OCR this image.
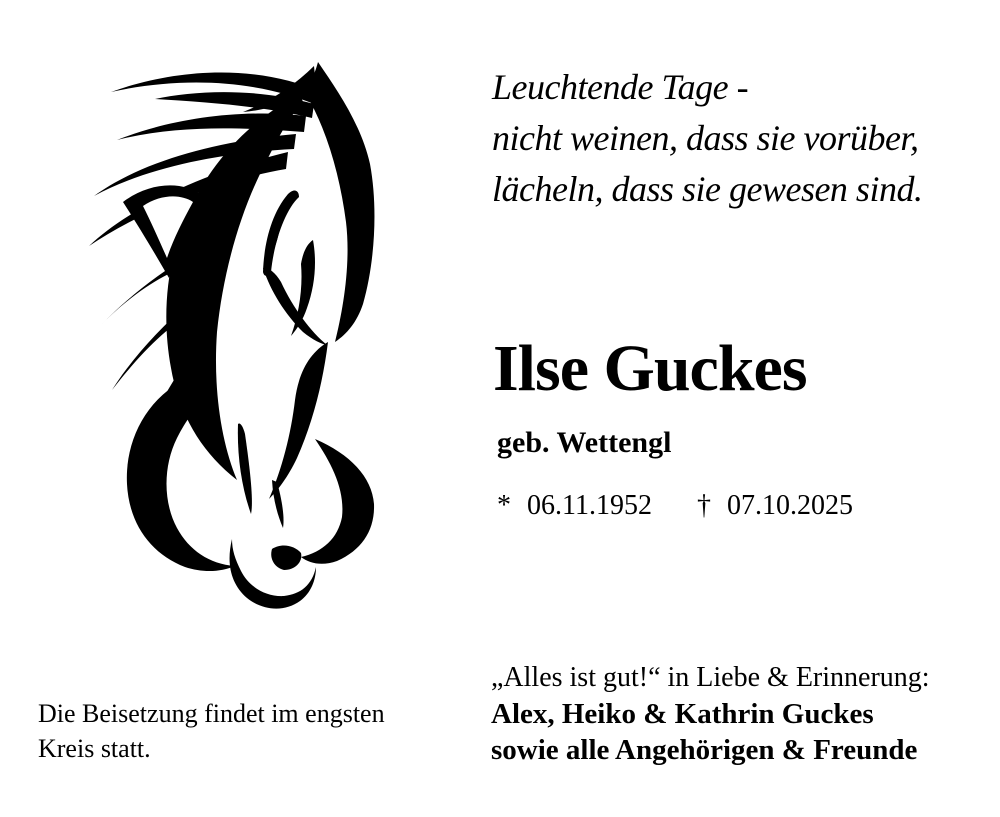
Leuchtende Tage -
nicht weinen, dass sie vorüber,
lächeln, dass sie gewesen sind.
Ilse Guckes
geb. Wettengl
* 06.11.1952 † 07.10.2025
„Alles ist gut!“ in Liebe & Erinnerung:
Alex, Heiko & Kathrin Guckes
sowie alle Angehörigen & Freunde
Die Beisetzung findet im engsten
Kreis statt.
